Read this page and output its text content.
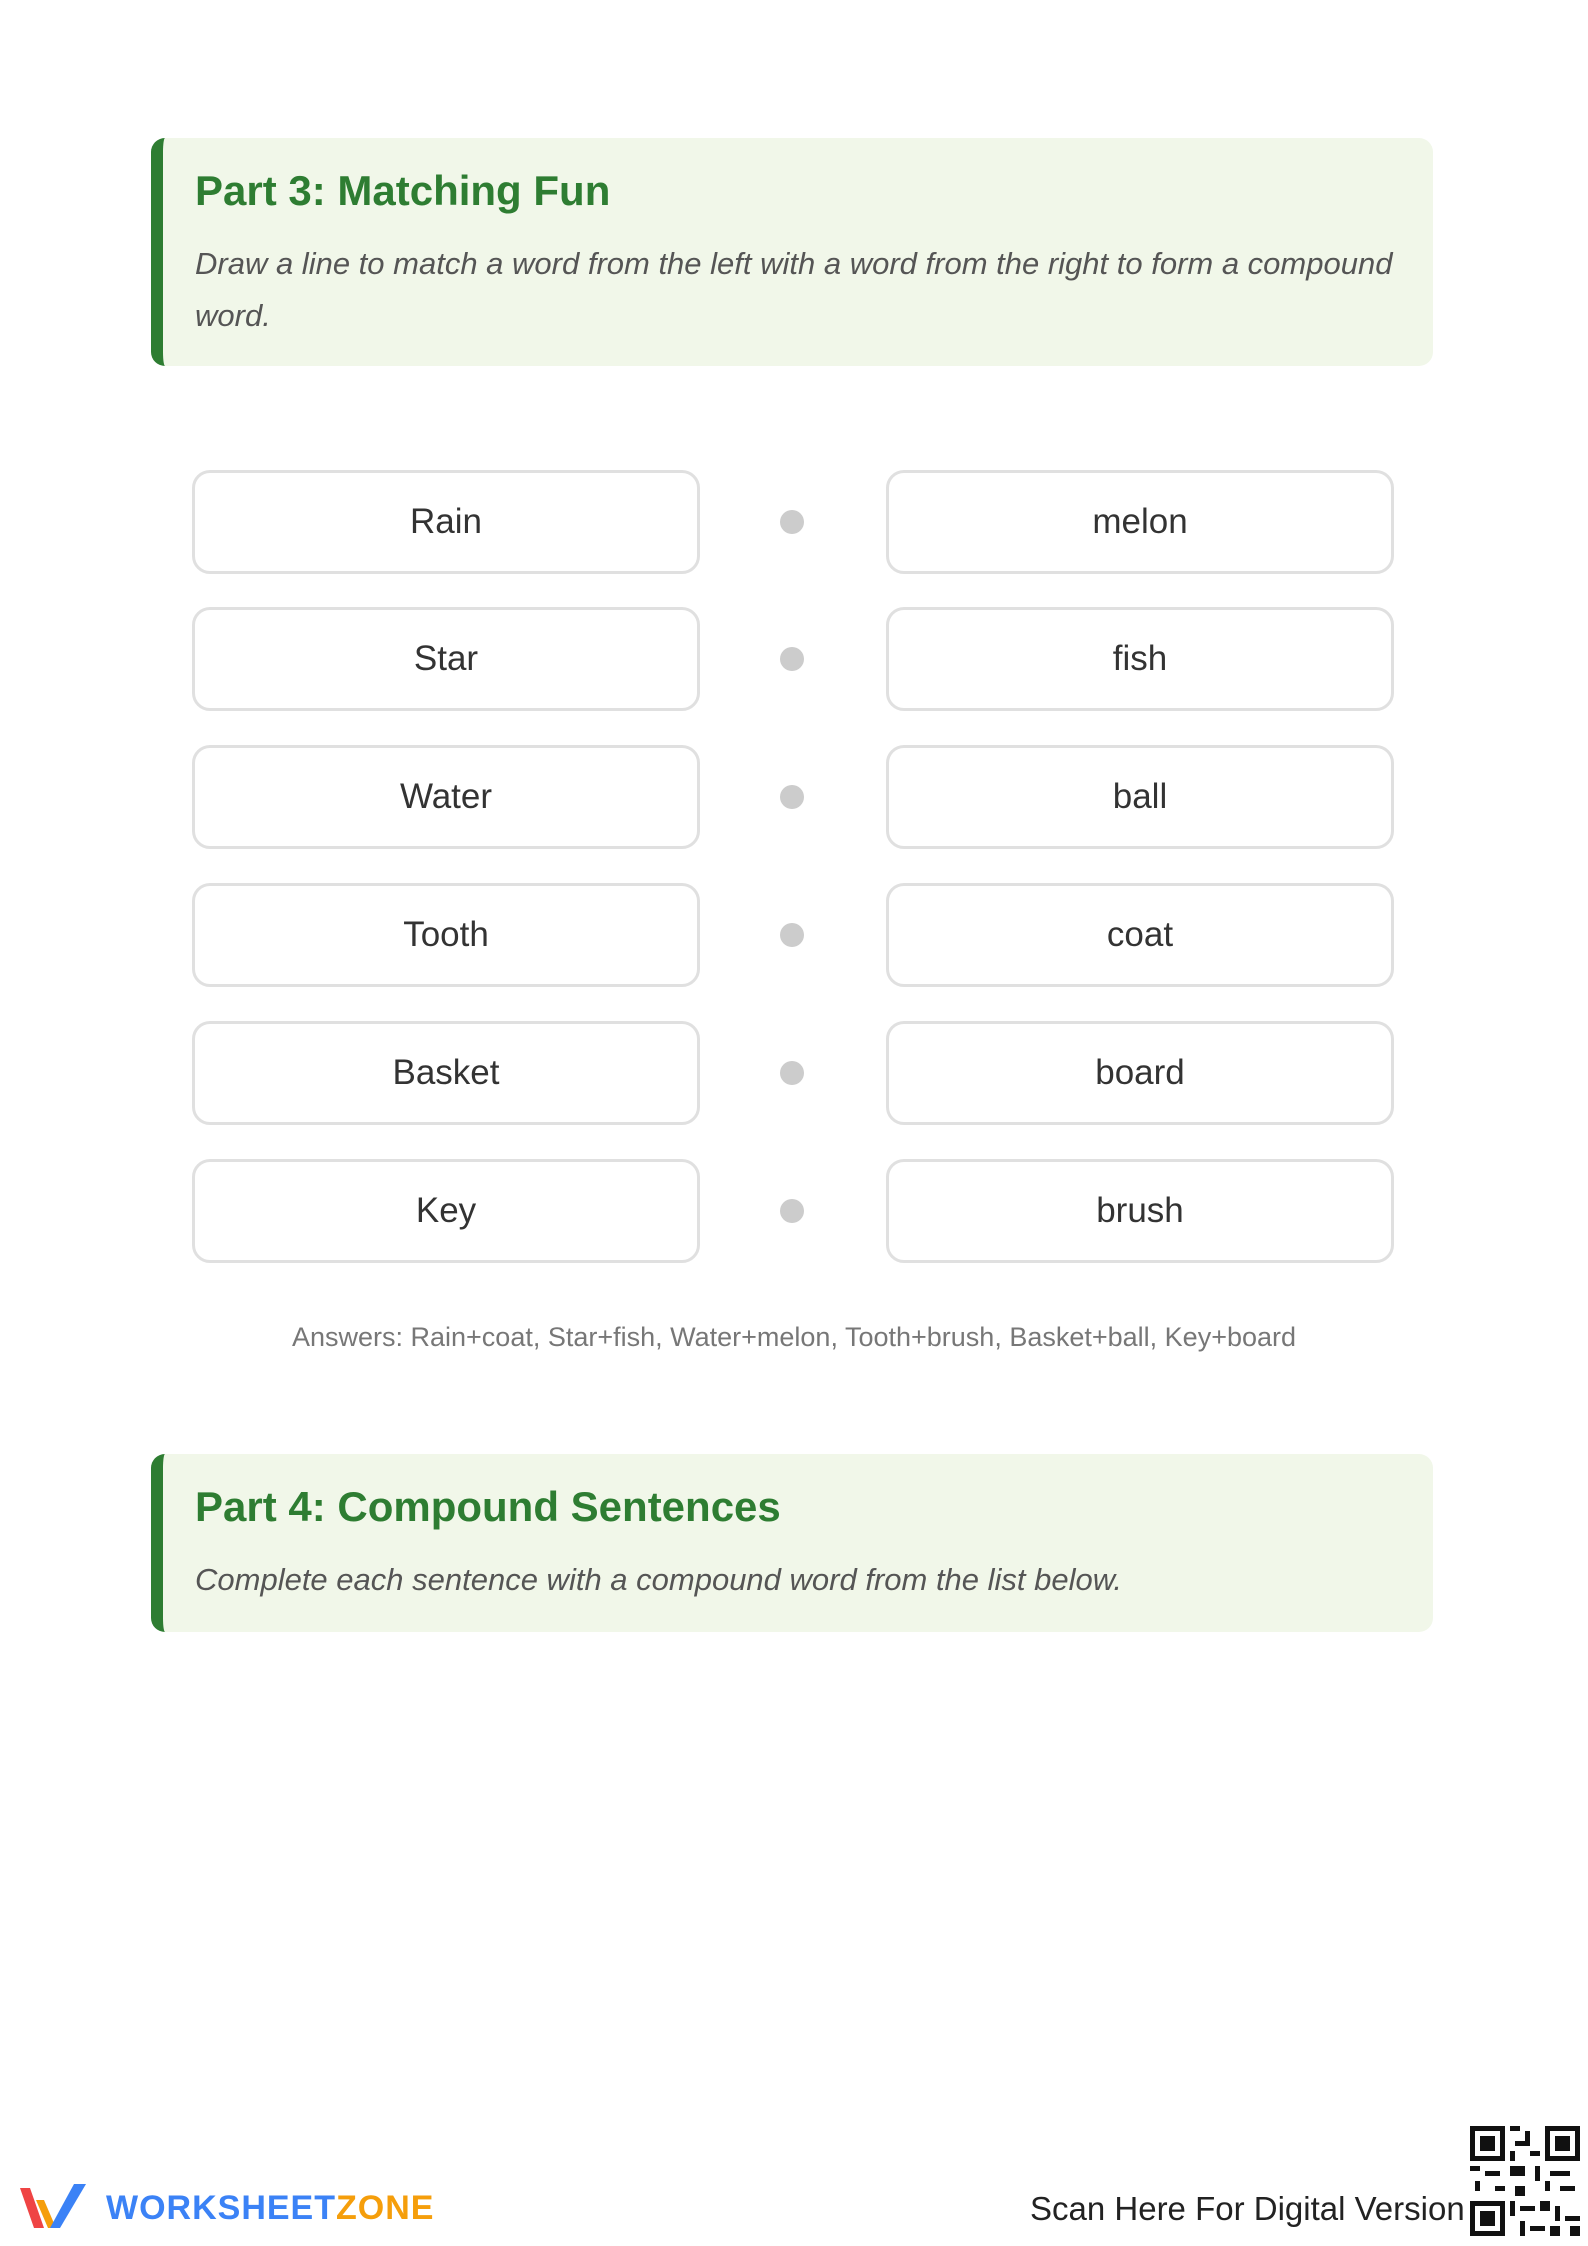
Part 3: Matching Fun

Draw a line to match a word from the left with a word from the right to form a compound word.

Rain	melon
Star	fish
Water	ball
Tooth	coat
Basket	board
Key	brush
Answers: Rain+coat, Star+fish, Water+melon, Tooth+brush, Basket+ball, Key+board
Part 4: Compound Sentences

Complete each sentence with a compound word from the list below.

WORKSHEETZONE	Scan Here For Digital Version
